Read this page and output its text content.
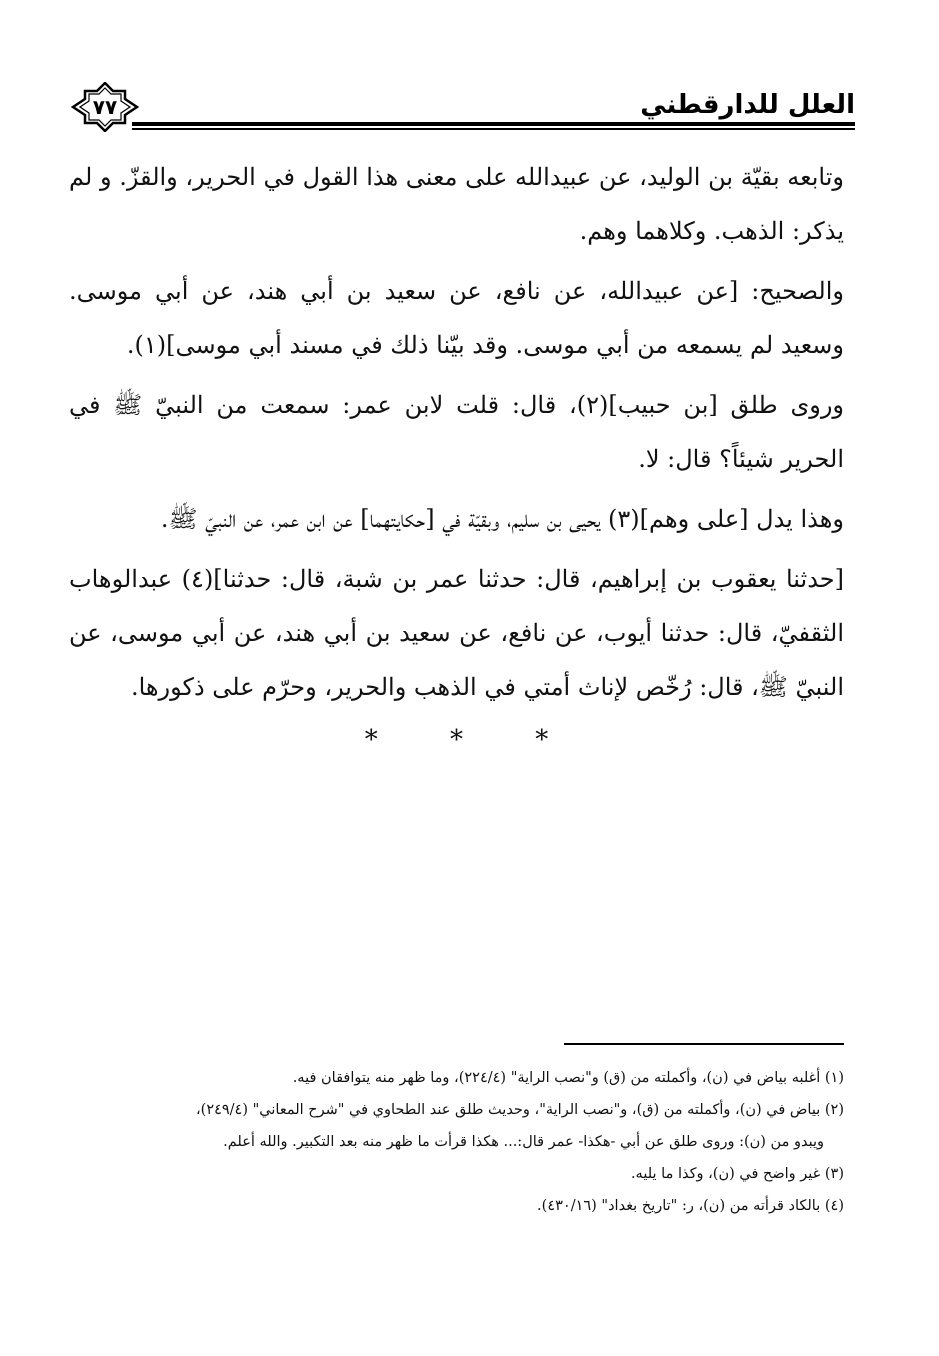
العلل للدارقطني
٧٧

وتابعه بقيّة بن الوليد، عن عبيدالله على معنى هذا القول في الحرير، والقزّ. و لم يذكر: الذهب. وكلاهما وهم.

والصحيح: [عن عبيدالله، عن نافع، عن سعيد بن أبي هند، عن أبي موسى. وسعيد لم يسمعه من أبي موسى. وقد بيّنا ذلك في مسند أبي موسى](١).

وروى طلق [بن حبيب](٢)، قال: قلت لابن عمر: سمعت من النبيّ ﷺ في الحرير شيئاً؟ قال: لا.

وهذا يدل [على وهم](٣) يحيى بن سليم، وبقيّة في [حكايتهما] عن ابن عمر، عن النبيّ ﷺ.

[حدثنا يعقوب بن إبراهيم، قال: حدثنا عمر بن شبة، قال: حدثنا](٤) عبدالوهاب الثقفيّ، قال: حدثنا أيوب، عن نافع، عن سعيد بن أبي هند، عن أبي موسى، عن النبيّ ﷺ، قال: رُخّص لإناث أمتي في الذهب والحرير، وحرّم على ذكورها.

* * *

(١) أغلبه بياض في (ن)، وأكملته من (ق) و"نصب الراية" (٢٢٤/٤)، وما ظهر منه يتوافقان فيه.

(٢) بياض في (ن)، وأكملته من (ق)، و"نصب الراية"، وحديث طلق عند الطحاوي في "شرح المعاني" (٢٤٩/٤)،

ويبدو من (ن): وروى طلق عن أبي -هكذا- عمر قال:... هكذا قرأت ما ظهر منه بعد التكبير. والله أعلم.

(٣) غير واضح في (ن)، وكذا ما يليه.

(٤) بالكاد قرأته من (ن)، ر: "تاريخ بغداد" (٤٣٠/١٦).
